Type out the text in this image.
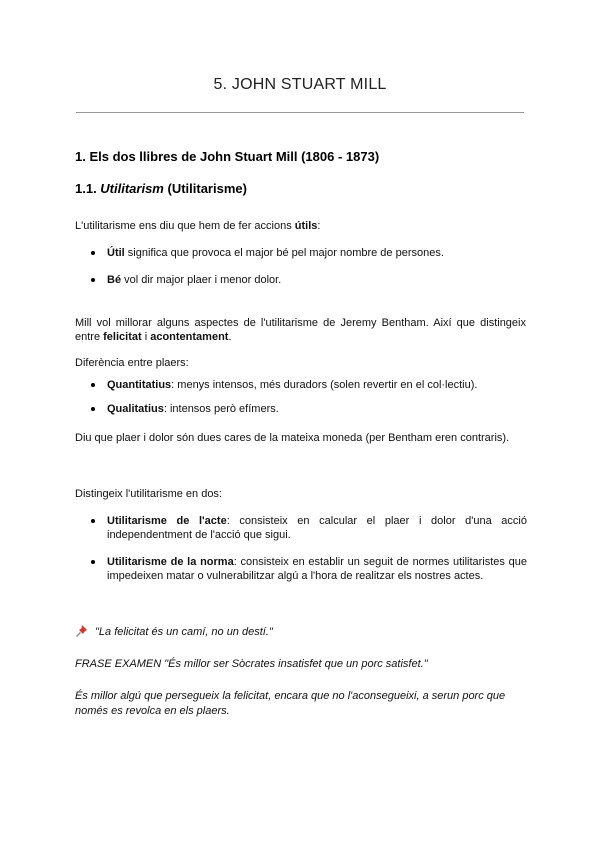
5. JOHN STUART MILL
1. Els dos llibres de John Stuart Mill (1806 - 1873)
1.1. Utilitarism (Utilitarisme)
L'utilitarisme ens diu que hem de fer accions útils:
Útil significa que provoca el major bé pel major nombre de persones.
Bé vol dir major plaer i menor dolor.
Mill vol millorar alguns aspectes de l'utilitarisme de Jeremy Bentham. Així que distingeix entre felicitat i acontentament.
Diferència entre plaers:
Quantitatius: menys intensos, més duradors (solen revertir en el col·lectiu).
Qualitatius: intensos però efímers.
Diu que plaer i dolor són dues cares de la mateixa moneda (per Bentham eren contraris).
Distingeix l'utilitarisme en dos:
Utilitarisme de l'acte: consisteix en calcular el plaer i dolor d'una acció independentment de l'acció que sigui.
Utilitarisme de la norma: consisteix en establir un seguit de normes utilitaristes que impedeixen matar o vulnerabilitzar algú a l'hora de realitzar els nostres actes.
"La felicitat és un camí, no un destí."
FRASE EXAMEN "És millor ser Sòcrates insatisfet que un porc satisfet."
És millor algú que persegueix la felicitat, encara que no l'aconsegueixi, a serun porc que només es revolca en els plaers.
